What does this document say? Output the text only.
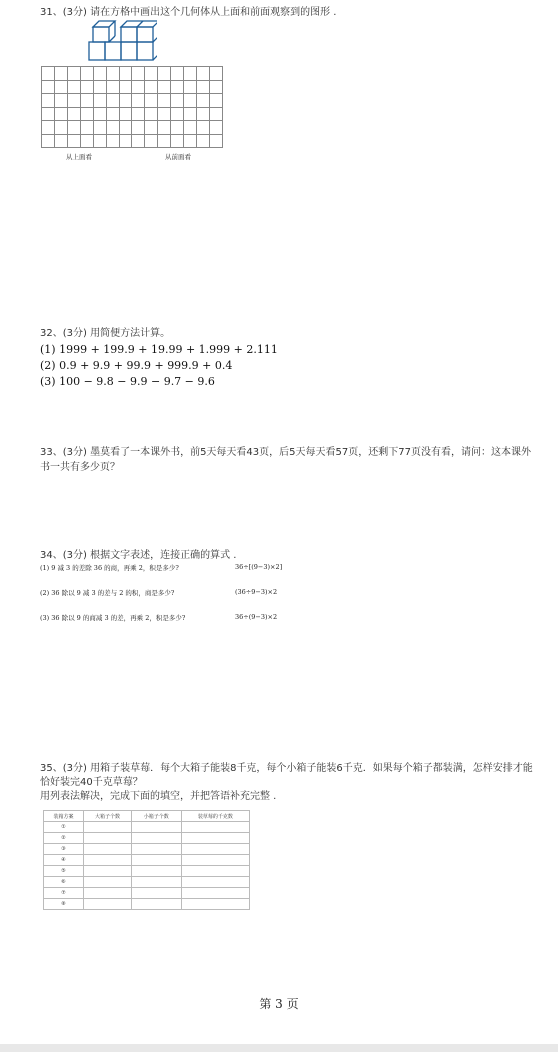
31、(3分) 请在方格中画出这个几何体从上面和前面观察到的图形 .

从上面看	从前面看
32、(3分) 用简便方法计算。
(1) 1999 + 199.9 + 19.99 + 1.999 + 2.111
(2) 0.9 + 9.9 + 99.9 + 999.9 + 0.4
(3) 100 − 9.8 − 9.9 − 9.7 − 9.6
33、(3分) 墨莫看了一本课外书，前5天每天看43页，后5天每天看57页，还剩下77页没有看，请问：这本课外
书一共有多少页？
34、(3分) 根据文字表述，连接正确的算式 .
(1) 9 减 3 的差除 36 的商，再乘 2，积是多少?	36÷[(9−3)×2]
(2) 36 除以 9 减 3 的差与 2 的积，商是多少?	(36÷9−3)×2
(3) 36 除以 9 的商减 3 的差，再乘 2，积是多少?	36÷(9−3)×2
35、(3分) 用箱子装草莓．每个大箱子能装8千克，每个小箱子能装6千克．如果每个箱子都装满，怎样安排才能
恰好装完40千克草莓？
用列表法解决，完成下面的填空，并把答语补充完整 .
装箱方案	大箱子个数	小箱子个数	装草莓的千克数
①			
②			
③			
④			
⑤			
⑥			
⑦			
⑧			
第 3 页
